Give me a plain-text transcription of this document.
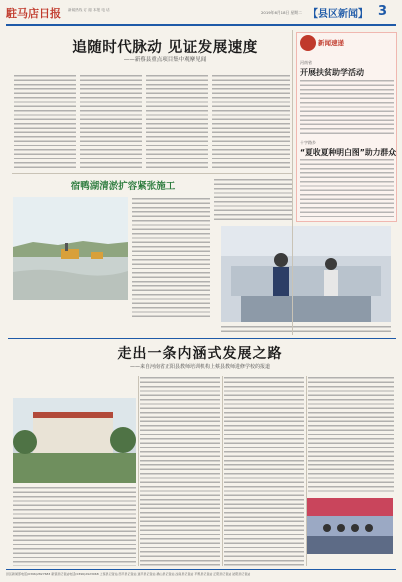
駐马店日报 新闻热线 订 阅 本报 电 话	2019年6月18日 星期二 【县区新闻】 3
追随时代脉动 见证发展速度
——新蔡县重点项目集中观摩见闻
宿鸭湖清淤扩容紧张施工
新闻速递
河南省
开展扶贫助学活动
十字路乡
“夏收夏种明白图”助力群众
走出一条内涵式发展之路
——来自河南省正阳县教师培训机构上蔡县教师进修学校的报道
县区新闻部电话(0396)2827683 新蔡县记者站电话(0396)2923068 上蔡县记者站 西平县记者站 遂平县记者站 确山县记者站 汝南县记者站 平舆县记者站 正阳县记者站 泌阳县记者站
